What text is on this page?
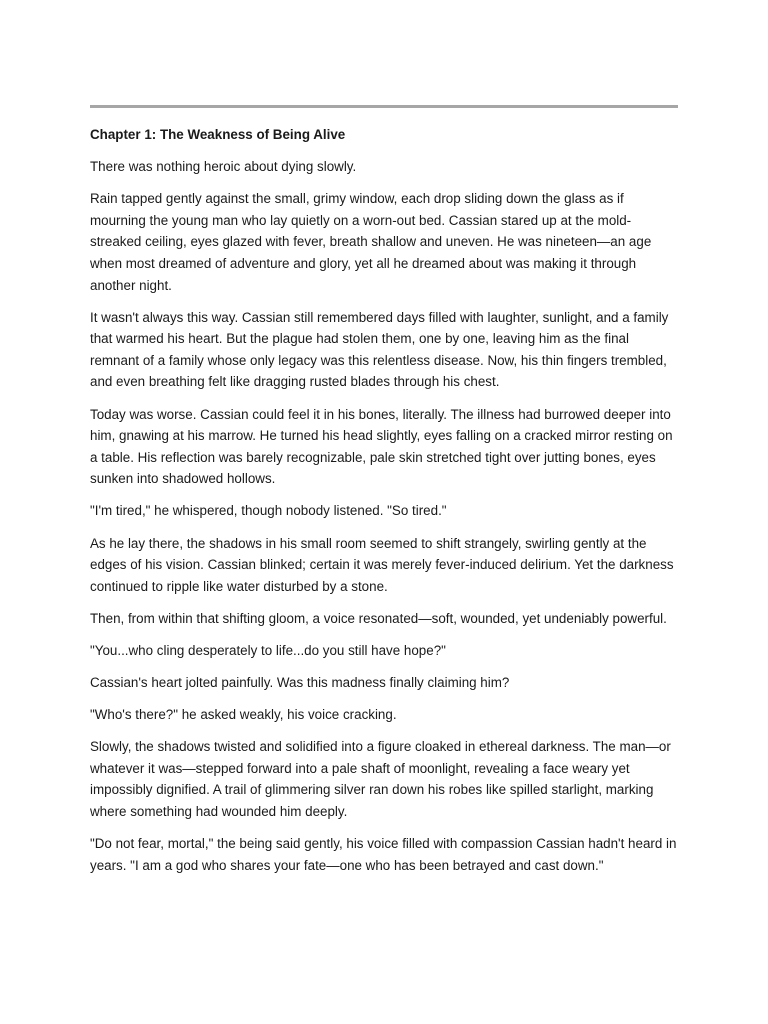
Chapter 1: The Weakness of Being Alive

There was nothing heroic about dying slowly.

Rain tapped gently against the small, grimy window, each drop sliding down the glass as if mourning the young man who lay quietly on a worn-out bed. Cassian stared up at the mold-streaked ceiling, eyes glazed with fever, breath shallow and uneven. He was nineteen—an age when most dreamed of adventure and glory, yet all he dreamed about was making it through another night.

It wasn't always this way. Cassian still remembered days filled with laughter, sunlight, and a family that warmed his heart. But the plague had stolen them, one by one, leaving him as the final remnant of a family whose only legacy was this relentless disease. Now, his thin fingers trembled, and even breathing felt like dragging rusted blades through his chest.

Today was worse. Cassian could feel it in his bones, literally. The illness had burrowed deeper into him, gnawing at his marrow. He turned his head slightly, eyes falling on a cracked mirror resting on a table. His reflection was barely recognizable, pale skin stretched tight over jutting bones, eyes sunken into shadowed hollows.

"I'm tired," he whispered, though nobody listened. "So tired."

As he lay there, the shadows in his small room seemed to shift strangely, swirling gently at the edges of his vision. Cassian blinked; certain it was merely fever-induced delirium. Yet the darkness continued to ripple like water disturbed by a stone.

Then, from within that shifting gloom, a voice resonated—soft, wounded, yet undeniably powerful.

"You...who cling desperately to life...do you still have hope?"

Cassian's heart jolted painfully. Was this madness finally claiming him?

"Who's there?" he asked weakly, his voice cracking.

Slowly, the shadows twisted and solidified into a figure cloaked in ethereal darkness. The man—or whatever it was—stepped forward into a pale shaft of moonlight, revealing a face weary yet impossibly dignified. A trail of glimmering silver ran down his robes like spilled starlight, marking where something had wounded him deeply.

"Do not fear, mortal," the being said gently, his voice filled with compassion Cassian hadn't heard in years. "I am a god who shares your fate—one who has been betrayed and cast down."
